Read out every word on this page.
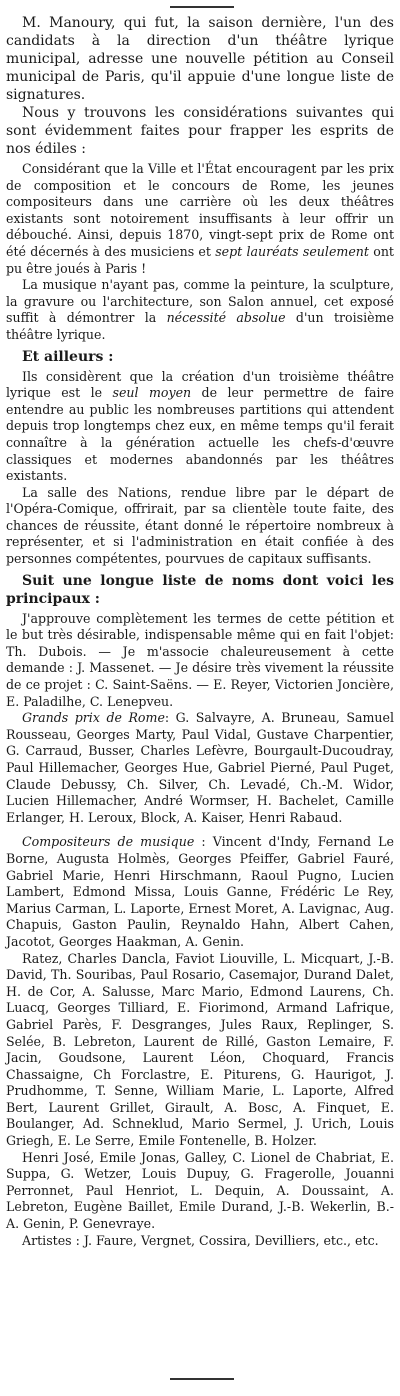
M. Manoury, qui fut, la saison dernière, l'un des candidats à la direction d'un théâtre lyrique municipal, adresse une nouvelle pétition au Conseil municipal de Paris, qu'il appuie d'une longue liste de signatures.

Nous y trouvons les considérations suivantes qui sont évidemment faites pour frapper les esprits de nos édiles :

Considérant que la Ville et l'État encouragent par les prix de composition et le concours de Rome, les jeunes compositeurs dans une carrière où les deux théâtres existants sont notoirement insuffisants à leur offrir un débouché. Ainsi, depuis 1870, vingt-sept prix de Rome ont été décernés à des musiciens et sept lauréats seulement ont pu être joués à Paris !

La musique n'ayant pas, comme la peinture, la sculpture, la gravure ou l'architecture, son Salon annuel, cet exposé suffit à démontrer la nécessité absolue d'un troisième théâtre lyrique.

Et ailleurs :

Ils considèrent que la création d'un troisième théâtre lyrique est le seul moyen de leur permettre de faire entendre au public les nombreuses partitions qui attendent depuis trop longtemps chez eux, en même temps qu'il ferait connaître à la génération actuelle les chefs-d'œuvre classiques et modernes abandonnés par les théâtres existants.

La salle des Nations, rendue libre par le départ de l'Opéra-Comique, offrirait, par sa clientèle toute faite, des chances de réussite, étant donné le répertoire nombreux à représenter, et si l'administration en était confiée à des personnes compétentes, pourvues de capitaux suffisants.

Suit une longue liste de noms dont voici les principaux :

J'approuve complètement les termes de cette pétition et le but très désirable, indispensable même qui en fait l'objet: Th. Dubois. — Je m'associe chaleureusement à cette demande : J. Massenet. — Je désire très vivement la réussite de ce projet : C. Saint-Saëns. — E. Reyer, Victorien Joncière, E. Paladilhe, C. Lenepveu.

Grands prix de Rome: G. Salvayre, A. Bruneau, Samuel Rousseau, Georges Marty, Paul Vidal, Gustave Charpentier, G. Carraud, Busser, Charles Lefèvre, Bourgault-Ducoudray, Paul Hillemacher, Georges Hue, Gabriel Pierné, Paul Puget, Claude Debussy, Ch. Silver, Ch. Levadé, Ch.-M. Widor, Lucien Hillemacher, André Wormser, H. Bachelet, Camille Erlanger, H. Leroux, Block, A. Kaiser, Henri Rabaud.

Compositeurs de musique : Vincent d'Indy, Fernand Le Borne, Augusta Holmès, Georges Pfeiffer, Gabriel Fauré, Gabriel Marie, Henri Hirschmann, Raoul Pugno, Lucien Lambert, Edmond Missa, Louis Ganne, Frédéric Le Rey, Marius Carman, L. Laporte, Ernest Moret, A. Lavignac, Aug. Chapuis, Gaston Paulin, Reynaldo Hahn, Albert Cahen, Jacotot, Georges Haakman, A. Genin.

Ratez, Charles Dancla, Faviot Liouville, L. Micquart, J.-B. David, Th. Souribas, Paul Rosario, Casemajor, Durand Dalet, H. de Cor, A. Salusse, Marc Mario, Edmond Laurens, Ch. Luacq, Georges Tilliard, E. Fiorimond, Armand Lafrique, Gabriel Parès, F. Desgranges, Jules Raux, Replinger, S. Selée, B. Lebreton, Laurent de Rillé, Gaston Lemaire, F. Jacin, Goudsone, Laurent Léon, Choquard, Francis Chassaigne, Ch Forclastre, E. Piturens, G. Haurigot, J. Prudhomme, T. Senne, William Marie, L. Laporte, Alfred Bert, Laurent Grillet, Girault, A. Bosc, A. Finquet, E. Boulanger, Ad. Schneklud, Mario Sermel, J. Urich, Louis Griegh, E. Le Serre, Emile Fontenelle, B. Holzer.

Henri José, Emile Jonas, Galley, C. Lionel de Chabriat, E. Suppa, G. Wetzer, Louis Dupuy, G. Fragerolle, Jouanni Perronnet, Paul Henriot, L. Dequin, A. Doussaint, A. Lebreton, Eugène Baillet, Emile Durand, J.-B. Wekerlin, B.-A. Genin, P. Genevraye.

Artistes : J. Faure, Vergnet, Cossira, Devilliers, etc., etc.
